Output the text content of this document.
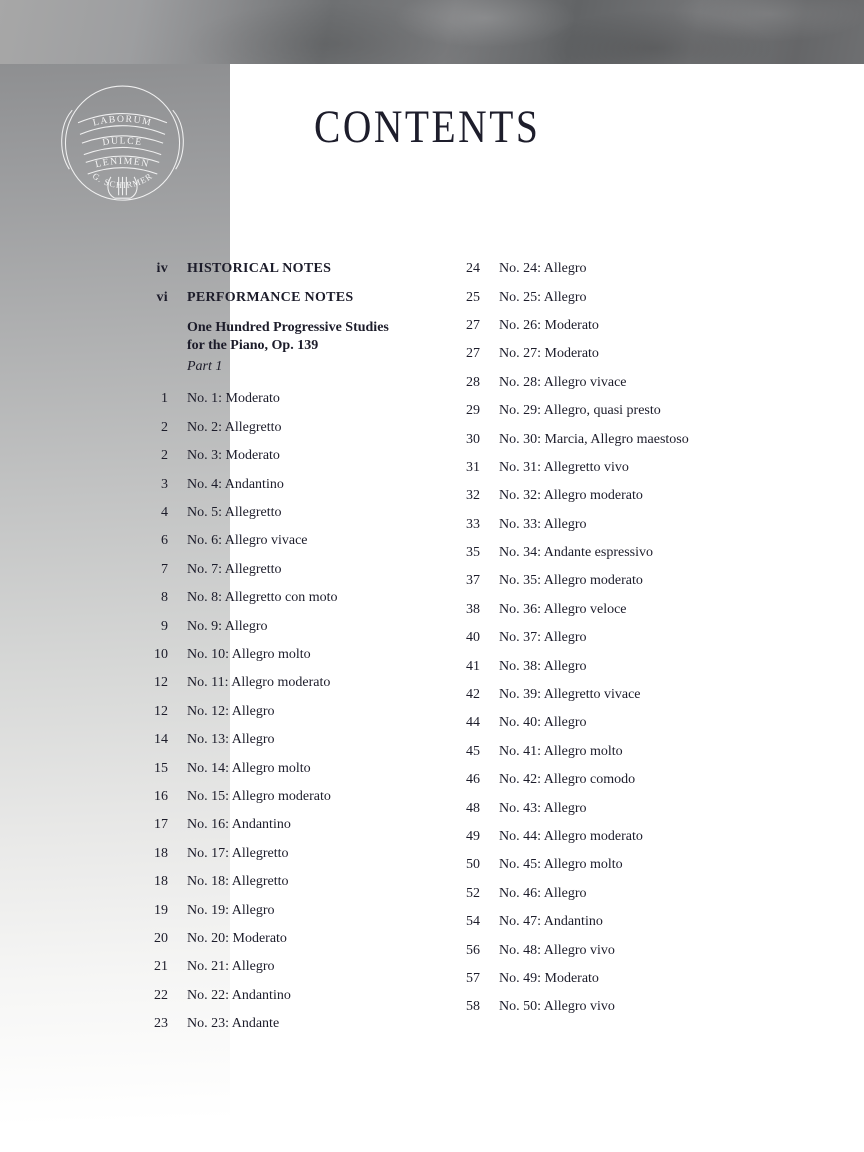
LABORUM
DULCE
LENIMEN
G. SCHIRMER
CONTENTS
iv	HISTORICAL NOTES
vi	PERFORMANCE NOTES
One Hundred Progressive Studies
for the Piano, Op. 139
Part 1
1	No. 1: Moderato
2	No. 2: Allegretto
2	No. 3: Moderato
3	No. 4: Andantino
4	No. 5: Allegretto
6	No. 6: Allegro vivace
7	No. 7: Allegretto
8	No. 8: Allegretto con moto
9	No. 9: Allegro
10	No. 10: Allegro molto
12	No. 11: Allegro moderato
12	No. 12: Allegro
14	No. 13: Allegro
15	No. 14: Allegro molto
16	No. 15: Allegro moderato
17	No. 16: Andantino
18	No. 17: Allegretto
18	No. 18: Allegretto
19	No. 19: Allegro
20	No. 20: Moderato
21	No. 21: Allegro
22	No. 22: Andantino
23	No. 23: Andante
24	No. 24: Allegro
25	No. 25: Allegro
27	No. 26: Moderato
27	No. 27: Moderato
28	No. 28: Allegro vivace
29	No. 29: Allegro, quasi presto
30	No. 30: Marcia, Allegro maestoso
31	No. 31: Allegretto vivo
32	No. 32: Allegro moderato
33	No. 33: Allegro
35	No. 34: Andante espressivo
37	No. 35: Allegro moderato
38	No. 36: Allegro veloce
40	No. 37: Allegro
41	No. 38: Allegro
42	No. 39: Allegretto vivace
44	No. 40: Allegro
45	No. 41: Allegro molto
46	No. 42: Allegro comodo
48	No. 43: Allegro
49	No. 44: Allegro moderato
50	No. 45: Allegro molto
52	No. 46: Allegro
54	No. 47: Andantino
56	No. 48: Allegro vivo
57	No. 49: Moderato
58	No. 50: Allegro vivo
